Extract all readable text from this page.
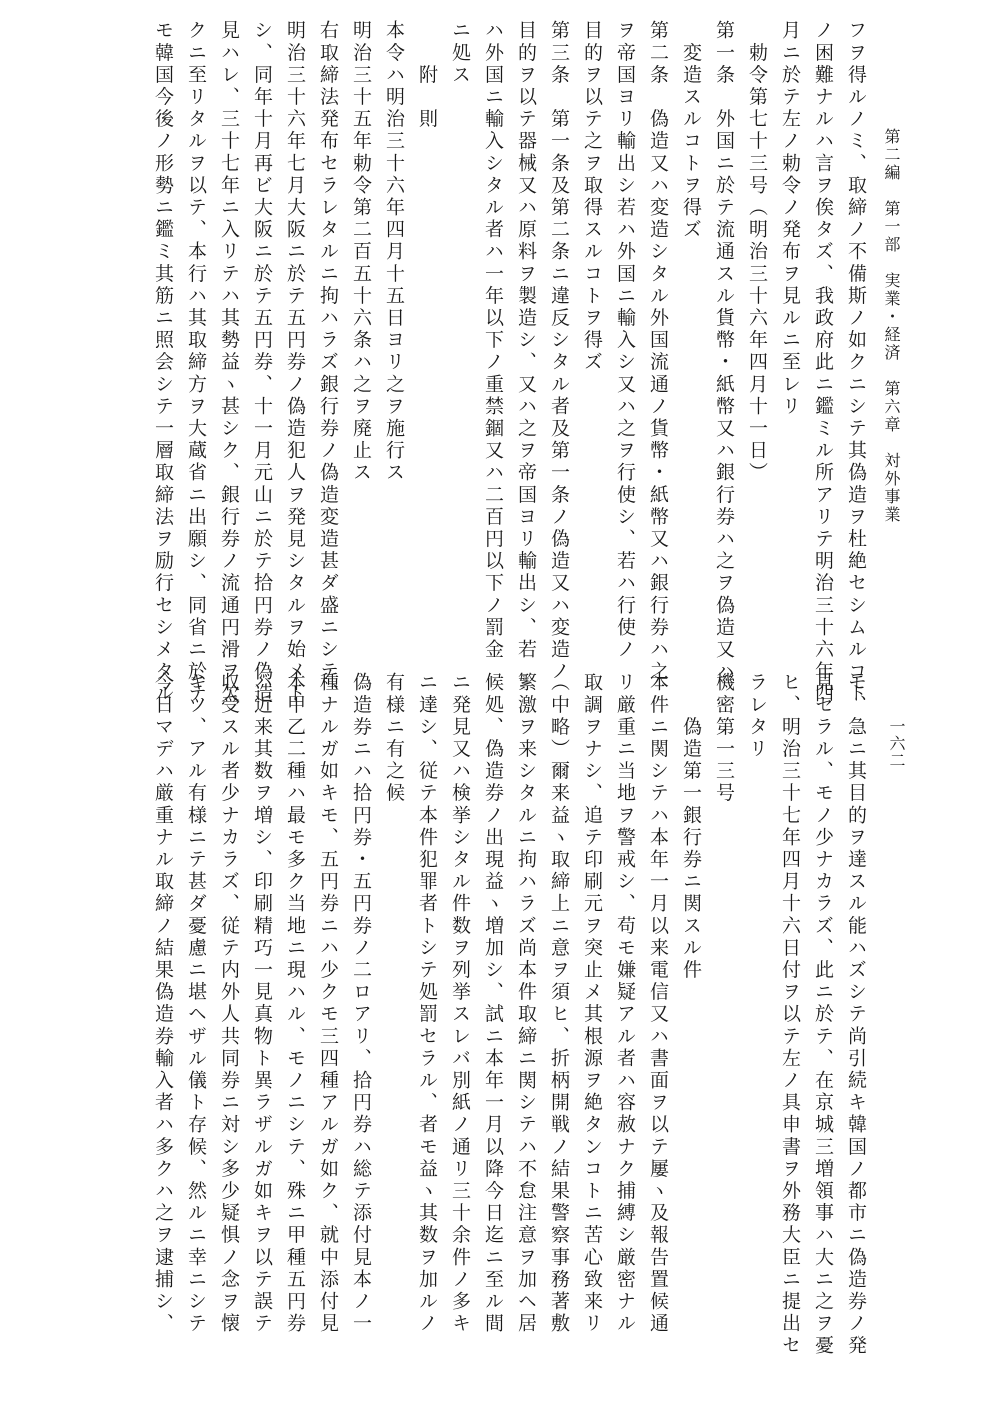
第二編　第一部　実業・経済　第六章　対外事業
一六二
フヲ得ルノミ、取締ノ不備斯ノ如クニシテ其偽造ヲ杜絶セシムルコト
ノ困難ナルハ言ヲ俟タズ、我政府此ニ鑑ミル所アリテ明治三十六年四
月ニ於テ左ノ勅令ノ発布ヲ見ルニ至レリ
　勅令第七十三号（明治三十六年四月十一日）
第一条　外国ニ於テ流通スル貨幣・紙幣又ハ銀行券ハ之ヲ偽造又ハ
　変造スルコトヲ得ズ
第二条　偽造又ハ変造シタル外国流通ノ貨幣・紙幣又ハ銀行券ハ之
ヲ帝国ヨリ輸出シ若ハ外国ニ輸入シ又ハ之ヲ行使シ、若ハ行使ノ
目的ヲ以テ之ヲ取得スルコトヲ得ズ
第三条　第一条及第二条ニ違反シタル者及第一条ノ偽造又ハ変造ノ
目的ヲ以テ器械又ハ原料ヲ製造シ、又ハ之ヲ帝国ヨリ輸出シ、若
ハ外国ニ輸入シタル者ハ一年以下ノ重禁錮又ハ二百円以下ノ罰金
ニ処ス
　　附　則
本令ハ明治三十六年四月十五日ヨリ之ヲ施行ス
明治三十五年勅令第二百五十六条ハ之ヲ廃止ス
右取締法発布セラレタルニ拘ハラズ銀行券ノ偽造変造甚ダ盛ニシテ、
明治三十六年七月大阪ニ於テ五円券ノ偽造犯人ヲ発見シタルヲ始メト
シ、同年十月再ビ大阪ニ於テ五円券、十一月元山ニ於テ拾円券ノ偽造
見ハレ、三十七年ニ入リテハ其勢益ヽ甚シク、銀行券ノ流通円滑ヲ欠
クニ至リタルヲ以テ、本行ハ其取締方ヲ大蔵省ニ出願シ、同省ニ於テ
モ韓国今後ノ形勢ニ鑑ミ其筋ニ照会シテ一層取締法ヲ励行セシメタル
モ、急ニ其目的ヲ達スル能ハズシテ尚引続キ韓国ノ都市ニ偽造券ノ発
見セラル、モノ少ナカラズ、此ニ於テ、在京城三増領事ハ大ニ之ヲ憂
ヒ、明治三十七年四月十六日付ヲ以テ左ノ具申書ヲ外務大臣ニ提出セ
ラレタリ
機密第一三号
　　偽造第一銀行券ニ関スル件
本件ニ関シテハ本年一月以来電信又ハ書面ヲ以テ屢ヽ及報告置候通
リ厳重ニ当地ヲ警戒シ、苟モ嫌疑アル者ハ容赦ナク捕縛シ厳密ナル
取調ヲナシ、追テ印刷元ヲ突止メ其根源ヲ絶タンコトニ苦心致来リ
（中略）爾来益ヽ取締上ニ意ヲ須ヒ、折柄開戦ノ結果警察事務著敷
繁激ヲ来シタルニ拘ハラズ尚本件取締ニ関シテハ不怠注意ヲ加ヘ居
候処、偽造券ノ出現益ヽ増加シ、試ニ本年一月以降今日迄ニ至ル間
ニ発見又ハ検挙シタル件数ヲ列挙スレバ別紙ノ通リ三十余件ノ多キ
ニ達シ、従テ本件犯罪者トシテ処罰セラル、者モ益ヽ其数ヲ加ルノ
有様ニ有之候
偽造券ニハ拾円券・五円券ノ二ロアリ、拾円券ハ総テ添付見本ノ一
種ナルガ如キモ、五円券ニハ少クモ三四種アルガ如ク、就中添付見
本甲乙二種ハ最モ多ク当地ニ現ハル、モノニシテ、殊ニ甲種五円券
ハ近来其数ヲ増シ、印刷精巧一見真物ト異ラザルガ如キヲ以テ誤テ
収受スル者少ナカラズ、従テ内外人共同券ニ対シ多少疑惧ノ念ヲ懐
キツ、アル有様ニテ甚ダ憂慮ニ堪ヘザル儀ト存候、然ルニ幸ニシテ
今日マデハ厳重ナル取締ノ結果偽造券輸入者ハ多クハ之ヲ逮捕シ、
